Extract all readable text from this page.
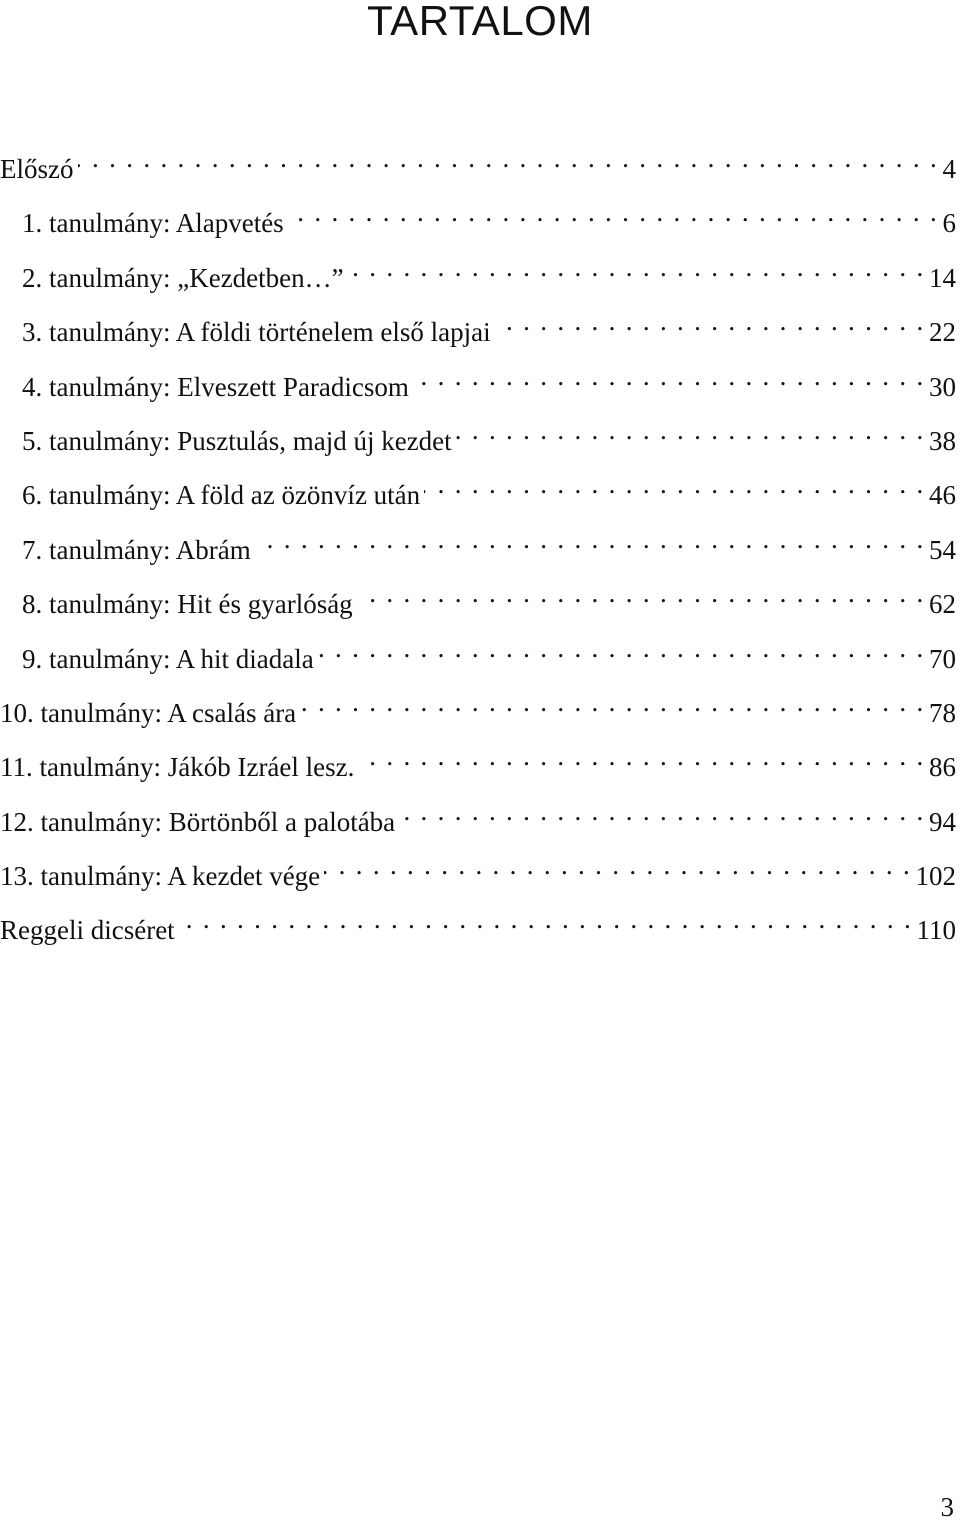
TARTALOM
Előszó . . .	4
1. tanulmány: Alapvetés . . .	6
2. tanulmány: „Kezdetben…” . . .	14
3. tanulmány: A földi történelem első lapjai . . .	22
4. tanulmány: Elveszett Paradicsom . . .	30
5. tanulmány: Pusztulás, majd új kezdet . . .	38
6. tanulmány: A föld az özönvíz után . . .	46
7. tanulmány: Abrám . . .	54
8. tanulmány: Hit és gyarlóság . . .	62
9. tanulmány: A hit diadala . . .	70
10. tanulmány: A csalás ára . . .	78
11. tanulmány: Jákób Izráel lesz. . . .	86
12. tanulmány: Börtönből a palotába . . .	94
13. tanulmány: A kezdet vége . . .	102
Reggeli dicséret . . .	110
3
